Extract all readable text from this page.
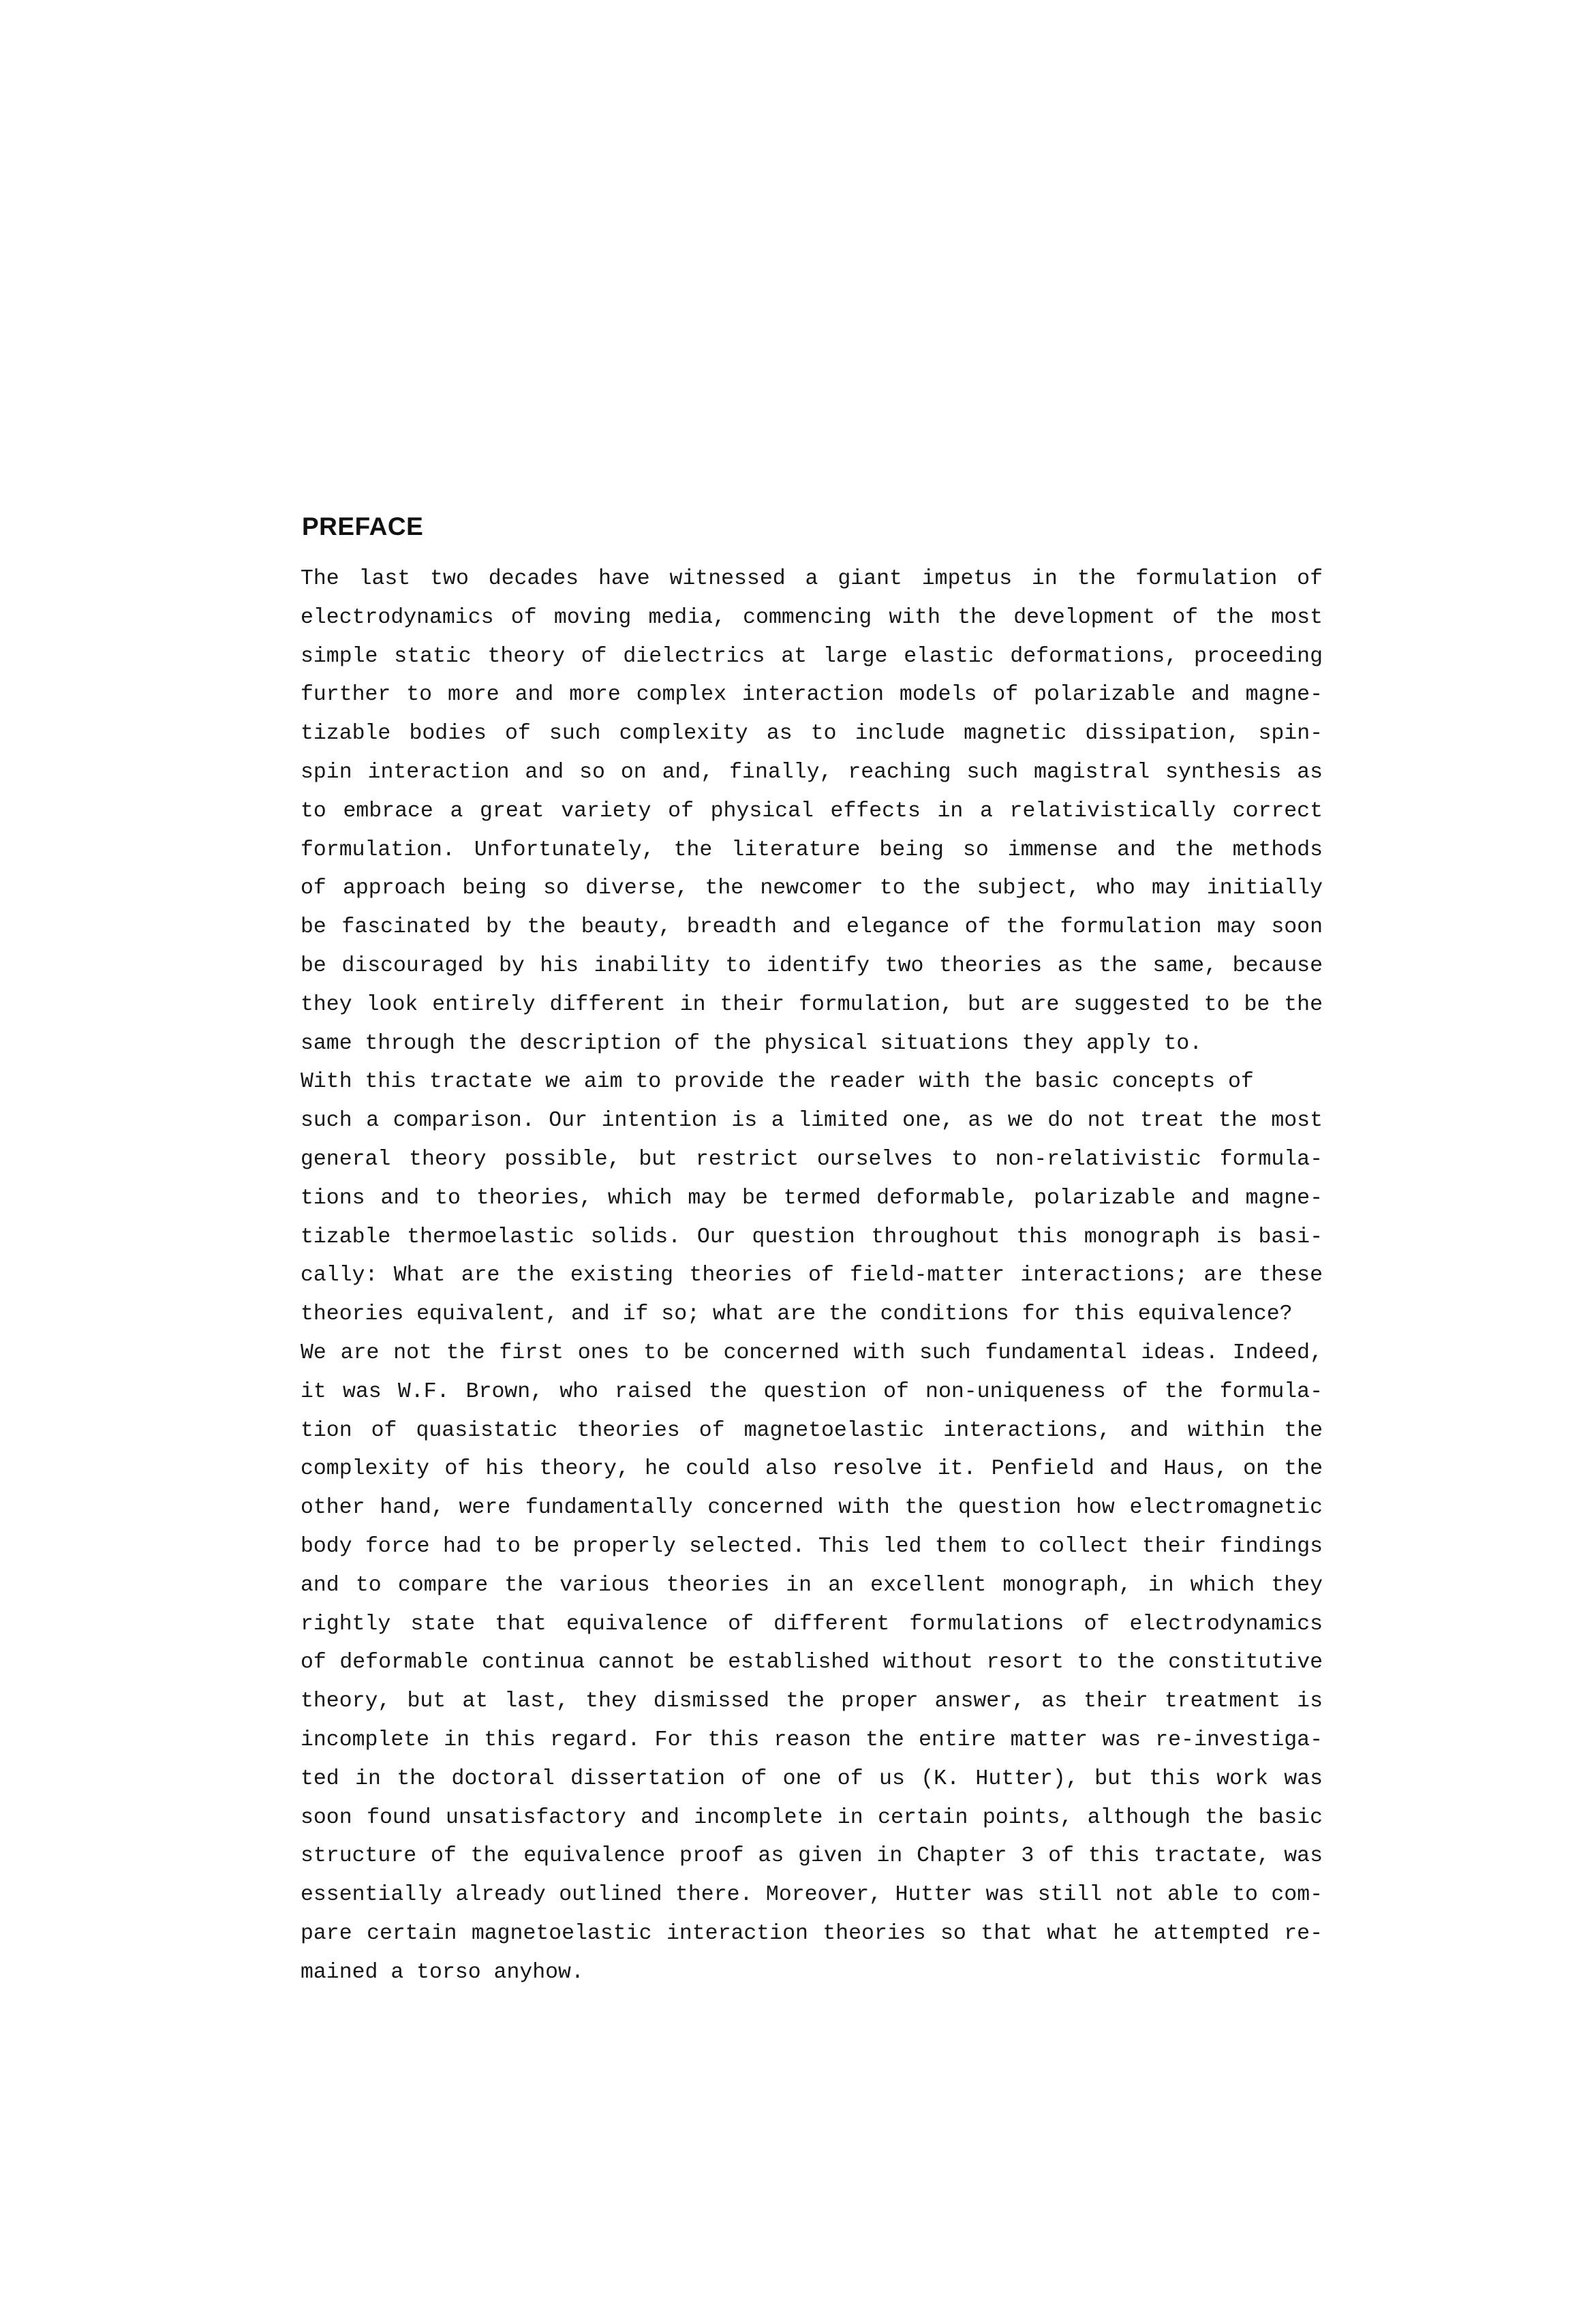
PREFACE
The last two decades have witnessed a giant impetus in the formulation of
electrodynamics of moving media, commencing with the development of the most
simple static theory of dielectrics at large elastic deformations, proceeding
further to more and more complex interaction models of polarizable and magne-
tizable bodies of such complexity as to include magnetic dissipation, spin-
spin interaction and so on and, finally, reaching such magistral synthesis as
to embrace a great variety of physical effects in a relativistically correct
formulation. Unfortunately, the literature being so immense and the methods
of approach being so diverse, the newcomer to the subject, who may initially
be fascinated by the beauty, breadth and elegance of the formulation may soon
be discouraged by his inability to identify two theories as the same, because
they look entirely different in their formulation, but are suggested to be the
same through the description of the physical situations they apply to.
With this tractate we aim to provide the reader with the basic concepts of
such a comparison. Our intention is a limited one, as we do not treat the most
general theory possible, but restrict ourselves to non-relativistic formula-
tions and to theories, which may be termed deformable, polarizable and magne-
tizable thermoelastic solids. Our question throughout this monograph is basi-
cally: What are the existing theories of field-matter interactions; are these
theories equivalent, and if so; what are the conditions for this equivalence?
We are not the first ones to be concerned with such fundamental ideas. Indeed,
it was W.F. Brown, who raised the question of non-uniqueness of the formula-
tion of quasistatic theories of magnetoelastic interactions, and within the
complexity of his theory, he could also resolve it. Penfield and Haus, on the
other hand, were fundamentally concerned with the question how electromagnetic
body force had to be properly selected. This led them to collect their findings
and to compare the various theories in an excellent monograph, in which they
rightly state that equivalence of different formulations of electrodynamics
of deformable continua cannot be established without resort to the constitutive
theory, but at last, they dismissed the proper answer, as their treatment is
incomplete in this regard. For this reason the entire matter was re-investiga-
ted in the doctoral dissertation of one of us (K. Hutter), but this work was
soon found unsatisfactory and incomplete in certain points, although the basic
structure of the equivalence proof as given in Chapter 3 of this tractate, was
essentially already outlined there. Moreover, Hutter was still not able to com-
pare certain magnetoelastic interaction theories so that what he attempted re-
mained a torso anyhow.
